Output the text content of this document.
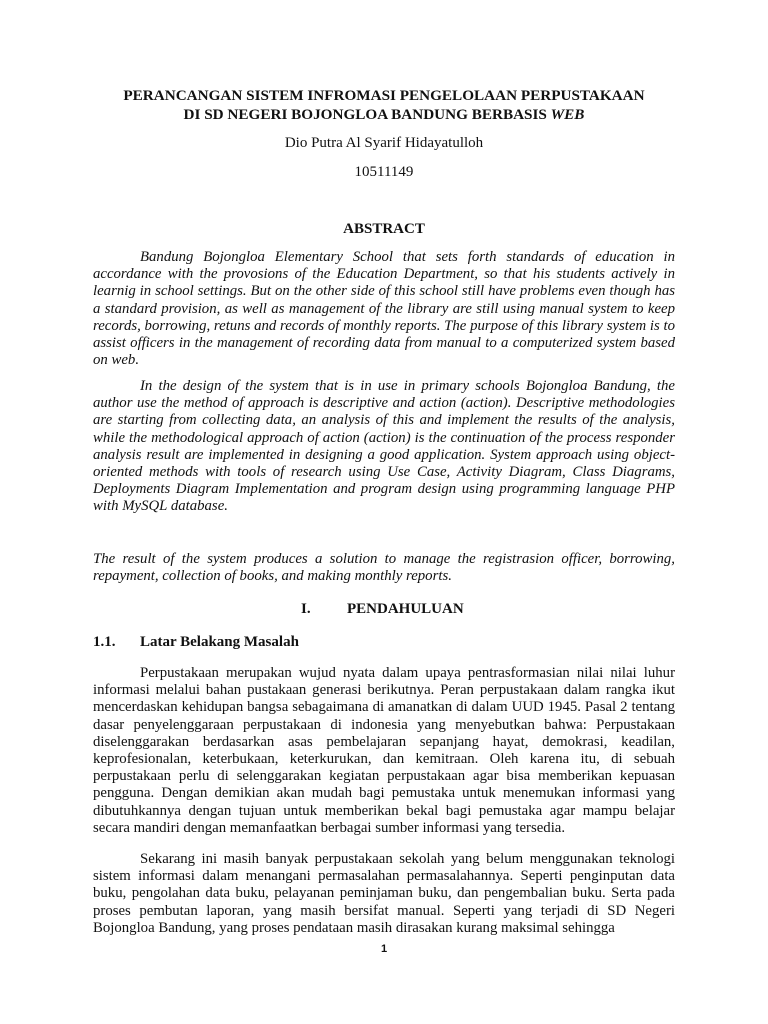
PERANCANGAN SISTEM INFROMASI PENGELOLAAN PERPUSTAKAAN
DI SD NEGERI BOJONGLOA BANDUNG BERBASIS WEB
Dio Putra Al Syarif Hidayatulloh
10511149
ABSTRACT

Bandung Bojongloa Elementary School that sets forth standards of education in accordance with the provosions of the Education Department, so that his students actively in learnig in school settings. But on the other side of this school still have problems even though has a standard provision, as well as management of the library are still using manual system to keep records, borrowing, retuns and records of monthly reports. The purpose of this library system is to assist officers in the management of recording data from manual to a computerized system based on web.

In the design of the system that is in use in primary schools Bojongloa Bandung, the author use the method of approach is descriptive and action (action). Descriptive methodologies are starting from collecting data, an analysis of this and implement the results of the analysis, while the methodological approach of action (action) is the continuation of the process responder analysis result are implemented in designing a good application. System approach using object-oriented methods with tools of research using Use Case, Activity Diagram, Class Diagrams, Deployments Diagram Implementation and program design using programming language PHP with MySQL database.

The result of the system produces a solution to manage the registrasion officer, borrowing, repayment, collection of books, and making monthly reports.

I. PENDAHULUAN
1.1. Latar Belakang Masalah

Perpustakaan merupakan wujud nyata dalam upaya pentrasformasian nilai nilai luhur informasi melalui bahan pustakaan generasi berikutnya. Peran perpustakaan dalam rangka ikut mencerdaskan kehidupan bangsa sebagaimana di amanatkan di dalam UUD 1945. Pasal 2 tentang dasar penyelenggaraan perpustakaan di indonesia yang menyebutkan bahwa: Perpustakaan diselenggarakan berdasarkan asas pembelajaran sepanjang hayat, demokrasi, keadilan, keprofesionalan, keterbukaan, keterkurukan, dan kemitraan. Oleh karena itu, di sebuah perpustakaan perlu di selenggarakan kegiatan perpustakaan agar bisa memberikan kepuasan pengguna. Dengan demikian akan mudah bagi pemustaka untuk menemukan informasi yang dibutuhkannya dengan tujuan untuk memberikan bekal bagi pemustaka agar mampu belajar secara mandiri dengan memanfaatkan berbagai sumber informasi yang tersedia.

Sekarang ini masih banyak perpustakaan sekolah yang belum menggunakan teknologi sistem informasi dalam menangani permasalahan permasalahannya. Seperti penginputan data buku, pengolahan data buku, pelayanan peminjaman buku, dan pengembalian buku. Serta pada proses pembutan laporan, yang masih bersifat manual. Seperti yang terjadi di SD Negeri Bojongloa Bandung, yang proses pendataan masih dirasakan kurang maksimal sehingga

1
